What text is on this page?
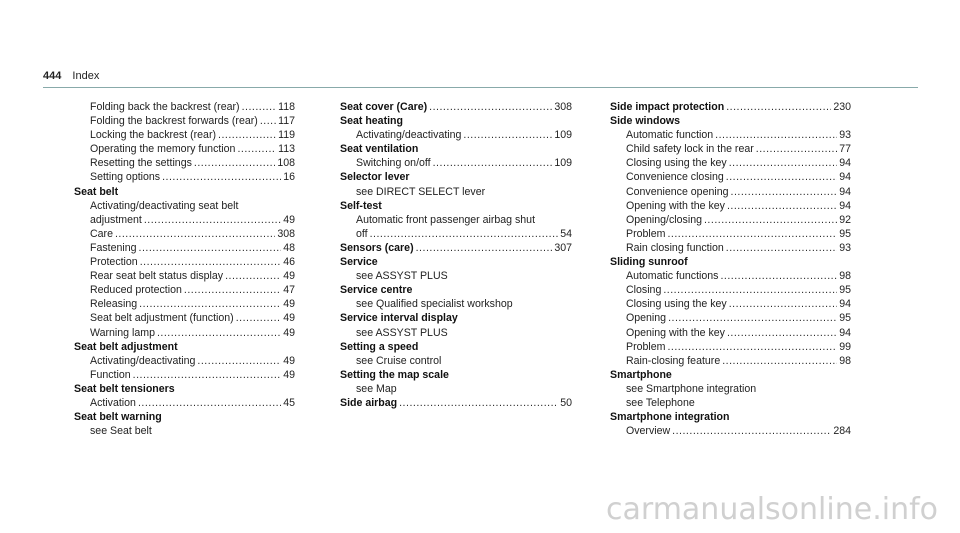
444 Index
Folding back the backrest (rear) .....	118
Folding the backrest forwards (rear) ..... 117
Locking the backrest (rear) .....	119
Operating the memory function .....	113
Resetting the settings .....	108
Setting options .....	16
Seat belt
Activating/deactivating seat belt
adjustment .....	49
Care .....	308
Fastening .....	48
Protection .....	46
Rear seat belt status display .....	49
Reduced protection .....	47
Releasing .....	49
Seat belt adjustment (function) .....	49
Warning lamp .....	49
Seat belt adjustment
Activating/deactivating .....	49
Function .....	49
Seat belt tensioners
Activation .....	45
Seat belt warning
see Seat belt
Seat cover (Care) .....	308
Seat heating
Activating/deactivating .....	109
Seat ventilation
Switching on/off .....	109
Selector lever
see DIRECT SELECT lever
Self-test
Automatic front passenger airbag shut
off .....	54
Sensors (care) .....	307
Service
see ASSYST PLUS
Service centre
see Qualified specialist workshop
Service interval display
see ASSYST PLUS
Setting a speed
see Cruise control
Setting the map scale
see Map
Side airbag .....	50
Side impact protection .....	230
Side windows
Automatic function .....	93
Child safety lock in the rear .....	77
Closing using the key .....	94
Convenience closing .....	94
Convenience opening .....	94
Opening with the key .....	94
Opening/closing .....	92
Problem .....	95
Rain closing function .....	93
Sliding sunroof
Automatic functions .....	98
Closing .....	95
Closing using the key .....	94
Opening .....	95
Opening with the key .....	94
Problem .....	99
Rain-closing feature .....	98
Smartphone
see Smartphone integration
see Telephone
Smartphone integration
Overview .....	284
carmanualsonline.info
